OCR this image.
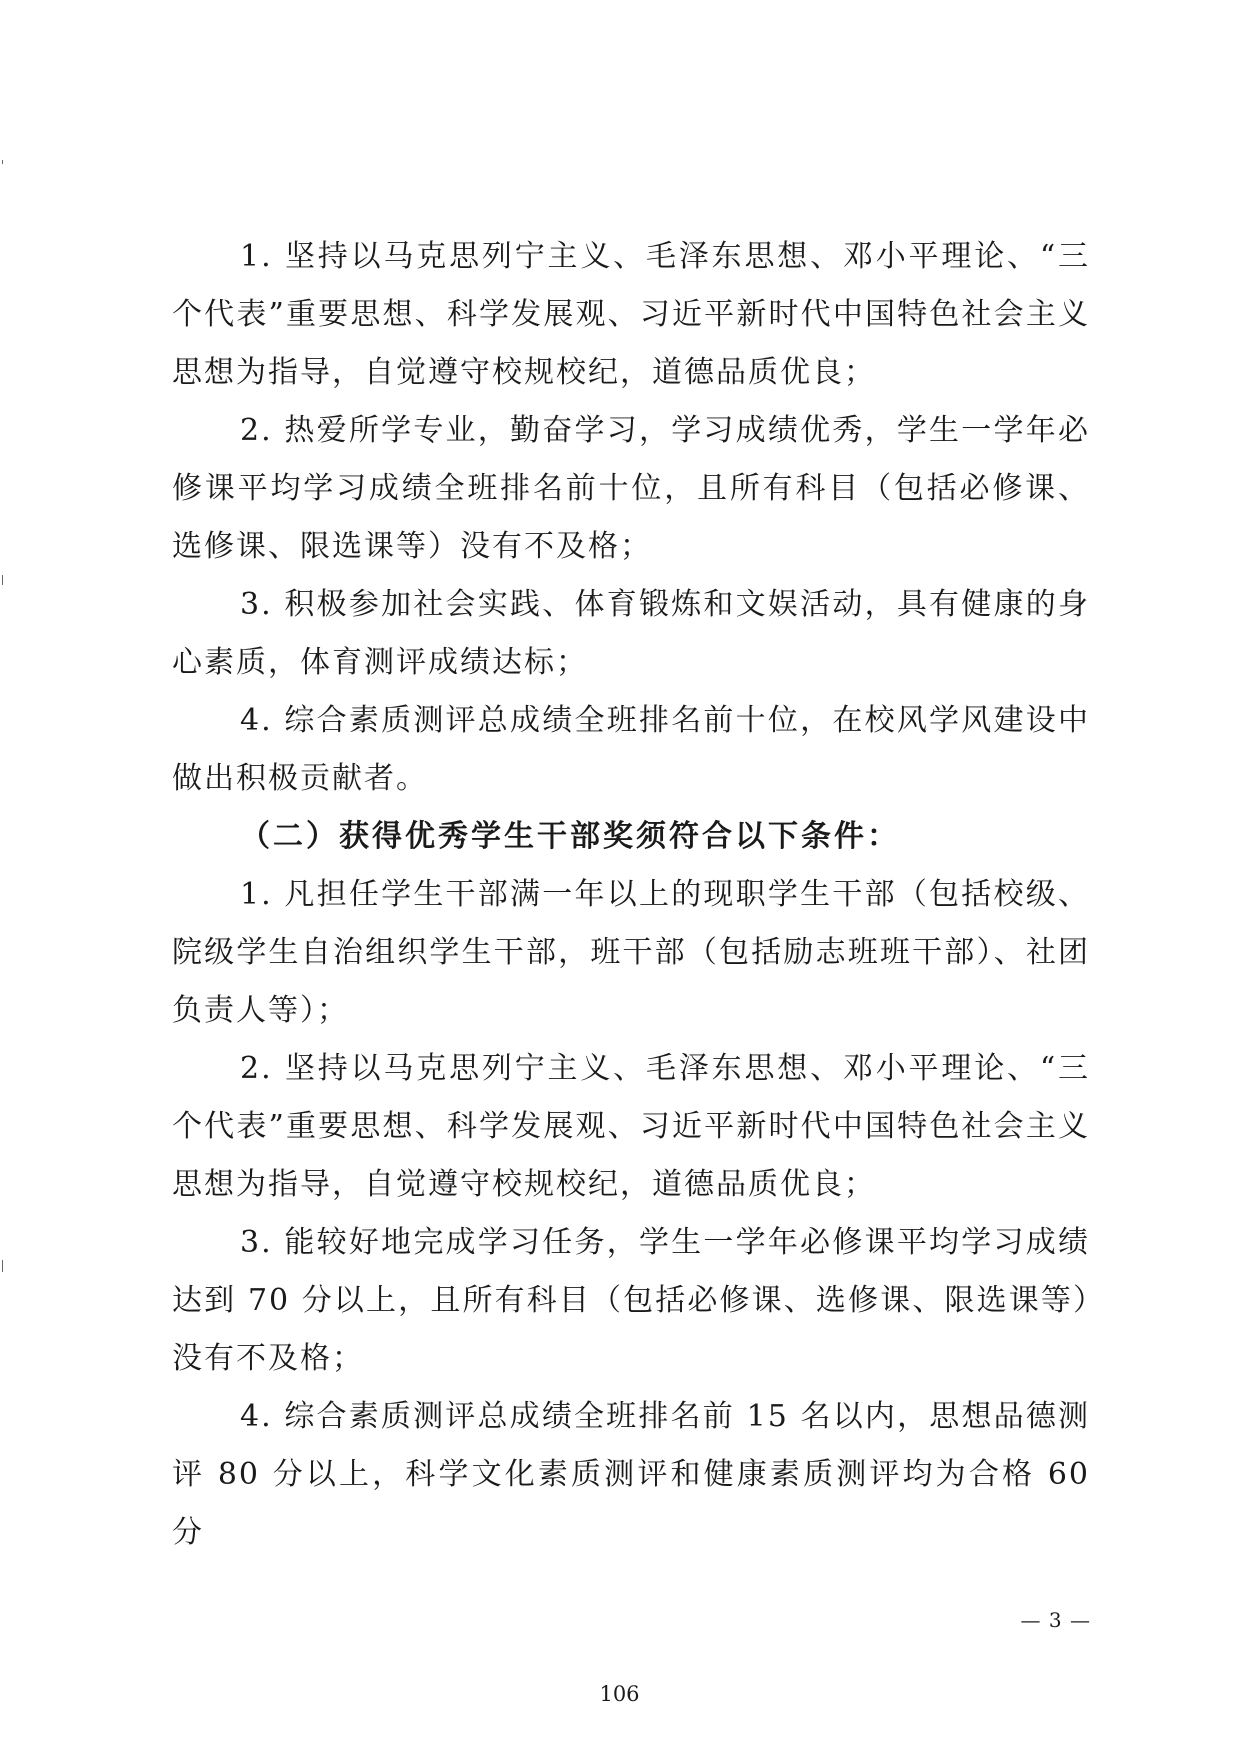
1. 坚持以马克思列宁主义、毛泽东思想、邓小平理论、“三个代表”重要思想、科学发展观、习近平新时代中国特色社会主义思想为指导，自觉遵守校规校纪，道德品质优良；

2. 热爱所学专业，勤奋学习，学习成绩优秀，学生一学年必修课平均学习成绩全班排名前十位，且所有科目（包括必修课、选修课、限选课等）没有不及格；

3. 积极参加社会实践、体育锻炼和文娱活动，具有健康的身心素质，体育测评成绩达标；

4. 综合素质测评总成绩全班排名前十位，在校风学风建设中做出积极贡献者。

（二）获得优秀学生干部奖须符合以下条件：

1. 凡担任学生干部满一年以上的现职学生干部（包括校级、院级学生自治组织学生干部，班干部（包括励志班班干部）、社团负责人等）；

2. 坚持以马克思列宁主义、毛泽东思想、邓小平理论、“三个代表”重要思想、科学发展观、习近平新时代中国特色社会主义思想为指导，自觉遵守校规校纪，道德品质优良；

3. 能较好地完成学习任务，学生一学年必修课平均学习成绩达到 70 分以上，且所有科目（包括必修课、选修课、限选课等）没有不及格；

4. 综合素质测评总成绩全班排名前 15 名以内，思想品德测评 80 分以上，科学文化素质测评和健康素质测评均为合格 60 分

— 3 —
106
